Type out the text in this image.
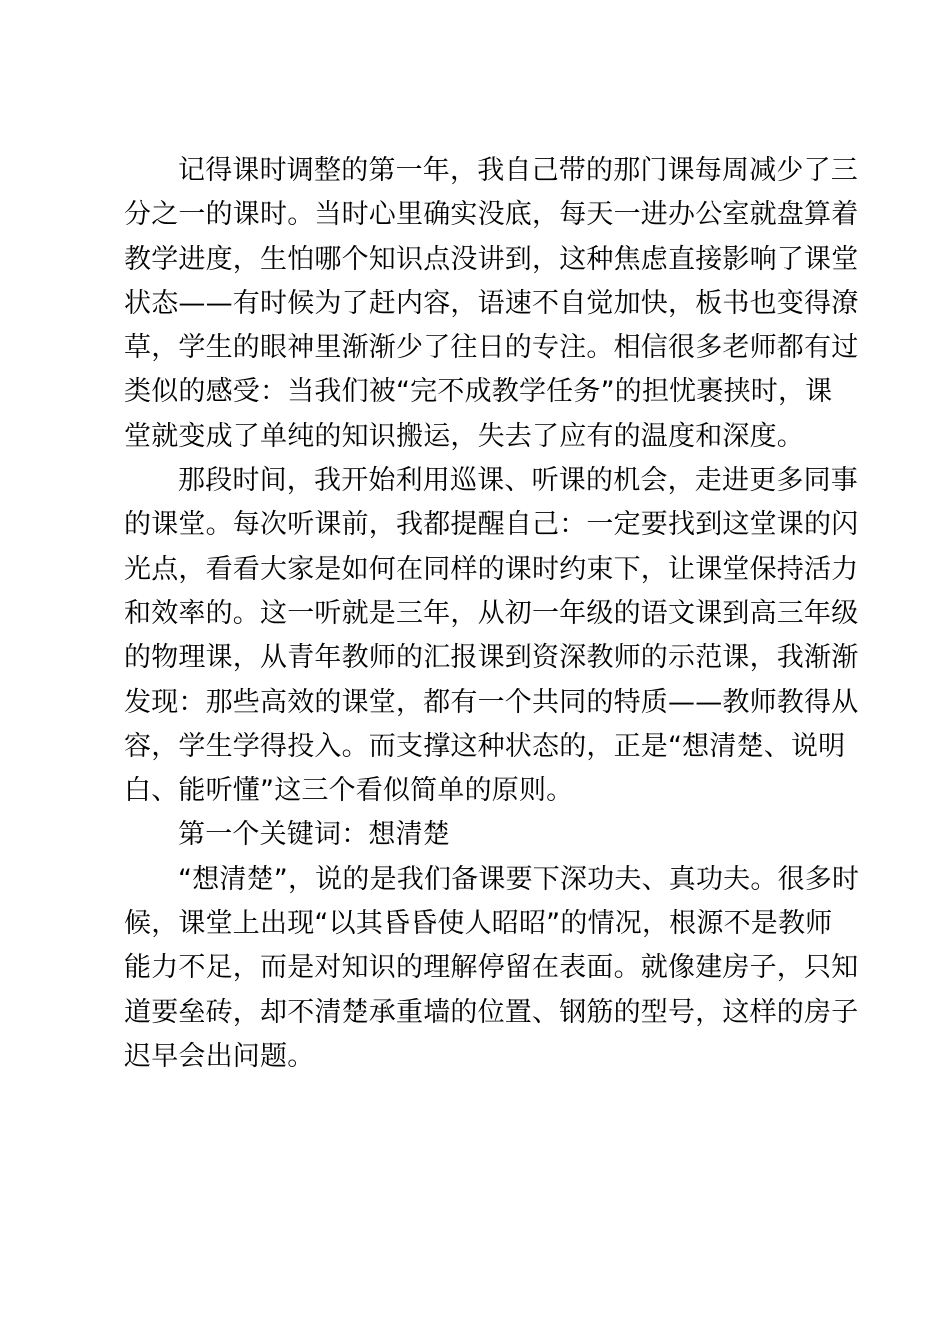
记得课时调整的第一年，我自己带的那门课每周减少了三
分之一的课时。当时心里确实没底，每天一进办公室就盘算着
教学进度，生怕哪个知识点没讲到，这种焦虑直接影响了课堂
状态——有时候为了赶内容，语速不自觉加快，板书也变得潦
草，学生的眼神里渐渐少了往日的专注。相信很多老师都有过
类似的感受：当我们被“完不成教学任务”的担忧裹挟时，课
堂就变成了单纯的知识搬运，失去了应有的温度和深度。
那段时间，我开始利用巡课、听课的机会，走进更多同事
的课堂。每次听课前，我都提醒自己：一定要找到这堂课的闪
光点，看看大家是如何在同样的课时约束下，让课堂保持活力
和效率的。这一听就是三年，从初一年级的语文课到高三年级
的物理课，从青年教师的汇报课到资深教师的示范课，我渐渐
发现：那些高效的课堂，都有一个共同的特质——教师教得从
容，学生学得投入。而支撑这种状态的，正是“想清楚、说明
白、能听懂”这三个看似简单的原则。
第一个关键词：想清楚
“想清楚”，说的是我们备课要下深功夫、真功夫。很多时
候，课堂上出现“以其昏昏使人昭昭”的情况，根源不是教师
能力不足，而是对知识的理解停留在表面。就像建房子，只知
道要垒砖，却不清楚承重墙的位置、钢筋的型号，这样的房子
迟早会出问题。
